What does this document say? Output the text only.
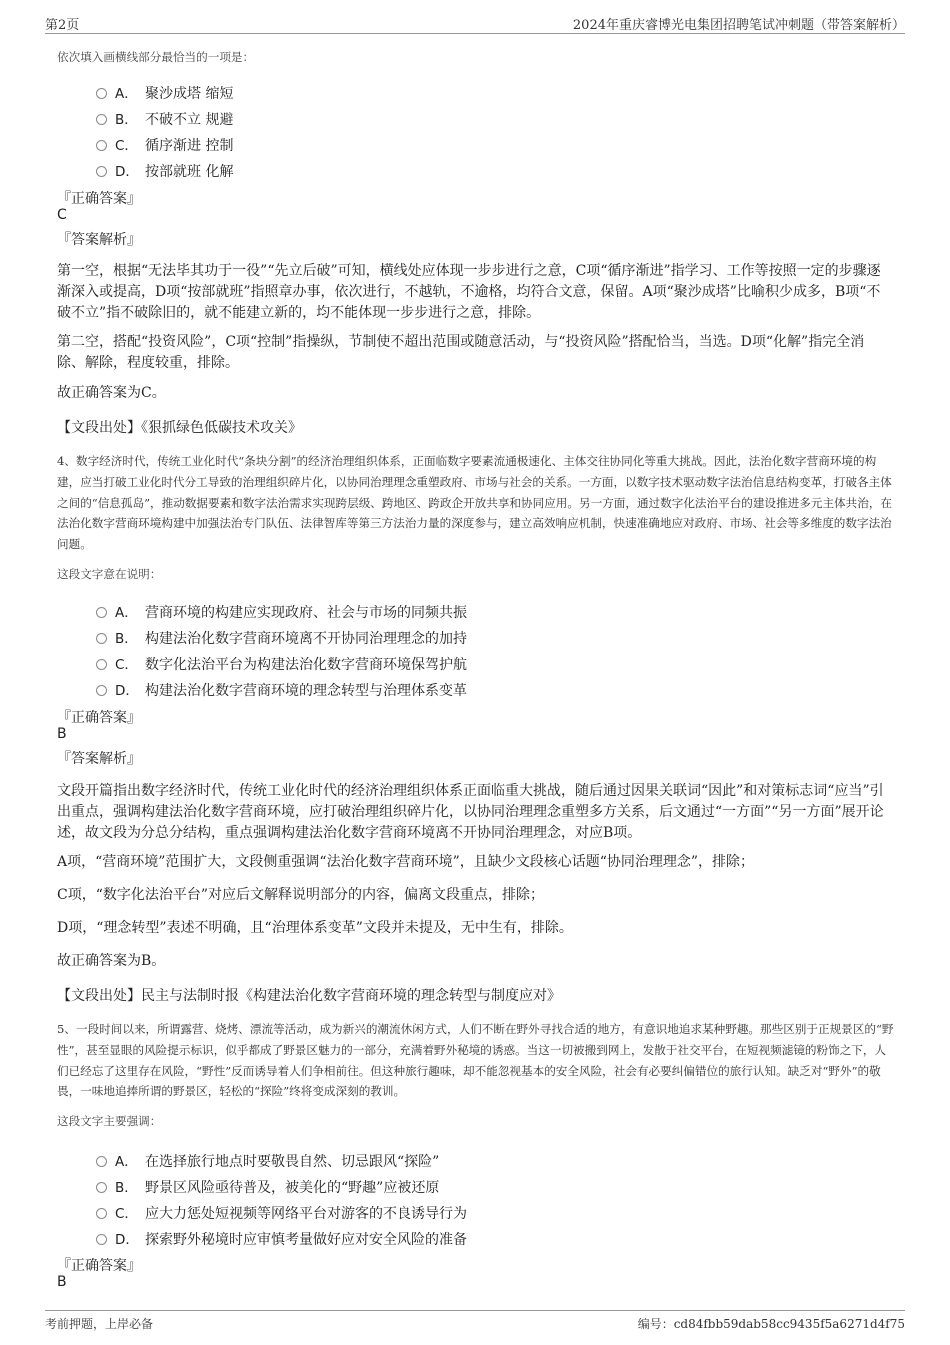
第2页	2024年重庆睿博光电集团招聘笔试冲刺题（带答案解析）
依次填入画横线部分最恰当的一项是：
A． 聚沙成塔 缩短
B． 不破不立 规避
C． 循序渐进 控制
D． 按部就班 化解
『正确答案』
C
『答案解析』
第一空，根据“无法毕其功于一役”“先立后破”可知，横线处应体现一步步进行之意，C项“循序渐进”指学习、工作等按照一定的步骤逐渐深入或提高，D项“按部就班”指照章办事，依次进行，不越轨，不逾格，均符合文意，保留。A项“聚沙成塔”比喻积少成多，B项“不破不立”指不破除旧的，就不能建立新的，均不能体现一步步进行之意，排除。
第二空，搭配“投资风险”，C项“控制”指操纵，节制使不超出范围或随意活动，与“投资风险”搭配恰当，当选。D项“化解”指完全消除、解除，程度较重，排除。
故正确答案为C。
【文段出处】《狠抓绿色低碳技术攻关》
4、数字经济时代，传统工业化时代“条块分割”的经济治理组织体系，正面临数字要素流通极速化、主体交往协同化等重大挑战。因此，法治化数字营商环境的构建，应当打破工业化时代分工导致的治理组织碎片化，以协同治理理念重塑政府、市场与社会的关系。一方面，以数字技术驱动数字法治信息结构变革，打破各主体之间的“信息孤岛”，推动数据要素和数字法治需求实现跨层级、跨地区、跨政企开放共享和协同应用。另一方面，通过数字化法治平台的建设推进多元主体共治，在法治化数字营商环境构建中加强法治专门队伍、法律智库等第三方法治力量的深度参与，建立高效响应机制，快速准确地应对政府、市场、社会等多维度的数字法治问题。
这段文字意在说明：
A． 营商环境的构建应实现政府、社会与市场的同频共振
B． 构建法治化数字营商环境离不开协同治理理念的加持
C． 数字化法治平台为构建法治化数字营商环境保驾护航
D． 构建法治化数字营商环境的理念转型与治理体系变革
『正确答案』
B
『答案解析』
文段开篇指出数字经济时代，传统工业化时代的经济治理组织体系正面临重大挑战，随后通过因果关联词“因此”和对策标志词“应当”引出重点，强调构建法治化数字营商环境，应打破治理组织碎片化，以协同治理理念重塑多方关系，后文通过“一方面”“另一方面”展开论述，故文段为分总分结构，重点强调构建法治化数字营商环境离不开协同治理理念，对应B项。
A项，“营商环境”范围扩大，文段侧重强调“法治化数字营商环境”，且缺少文段核心话题“协同治理理念”，排除；
C项，“数字化法治平台”对应后文解释说明部分的内容，偏离文段重点，排除；
D项，“理念转型”表述不明确，且“治理体系变革”文段并未提及，无中生有，排除。
故正确答案为B。
【文段出处】民主与法制时报《构建法治化数字营商环境的理念转型与制度应对》
5、一段时间以来，所谓露营、烧烤、漂流等活动，成为新兴的潮流休闲方式，人们不断在野外寻找合适的地方，有意识地追求某种野趣。那些区别于正规景区的“野性”，甚至显眼的风险提示标识，似乎都成了野景区魅力的一部分，充满着野外秘境的诱惑。当这一切被搬到网上，发散于社交平台，在短视频滤镜的粉饰之下，人们已经忘了这里存在风险，“野性”反而诱导着人们争相前往。但这种旅行趣味，却不能忽视基本的安全风险，社会有必要纠偏错位的旅行认知。缺乏对“野外”的敬畏，一味地追捧所谓的野景区，轻松的“探险”终将变成深刻的教训。
这段文字主要强调：
A． 在选择旅行地点时要敬畏自然、切忌跟风“探险”
B． 野景区风险亟待普及，被美化的“野趣”应被还原
C． 应大力惩处短视频等网络平台对游客的不良诱导行为
D． 探索野外秘境时应审慎考量做好应对安全风险的准备
『正确答案』
B
考前押题，上岸必备	编号：cd84fbb59dab58cc9435f5a6271d4f75
